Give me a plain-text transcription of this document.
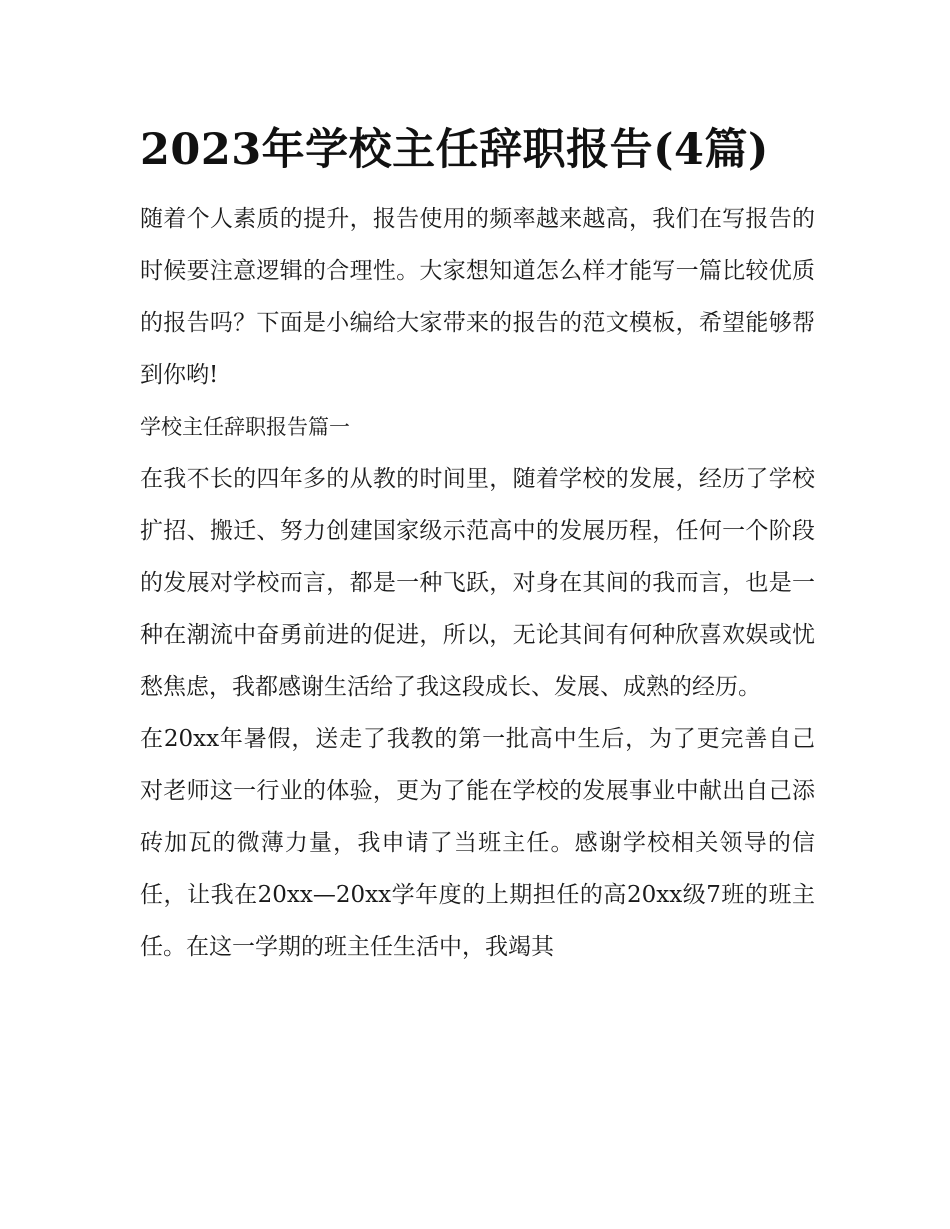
2023年学校主任辞职报告(4篇)

随着个人素质的提升，报告使用的频率越来越高，我们在写报告的时候要注意逻辑的合理性。大家想知道怎么样才能写一篇比较优质的报告吗？下面是小编给大家带来的报告的范文模板，希望能够帮到你哟!

学校主任辞职报告篇一

在我不长的四年多的从教的时间里，随着学校的发展，经历了学校扩招、搬迁、努力创建国家级示范高中的发展历程，任何一个阶段的发展对学校而言，都是一种飞跃，对身在其间的我而言，也是一种在潮流中奋勇前进的促进，所以，无论其间有何种欣喜欢娱或忧愁焦虑，我都感谢生活给了我这段成长、发展、成熟的经历。

在20xx年暑假，送走了我教的第一批高中生后，为了更完善自己对老师这一行业的体验，更为了能在学校的发展事业中献出自己添砖加瓦的微薄力量，我申请了当班主任。感谢学校相关领导的信任，让我在20xx—20xx学年度的上期担任的高20xx级7班的班主任。在这一学期的班主任生活中，我竭其
